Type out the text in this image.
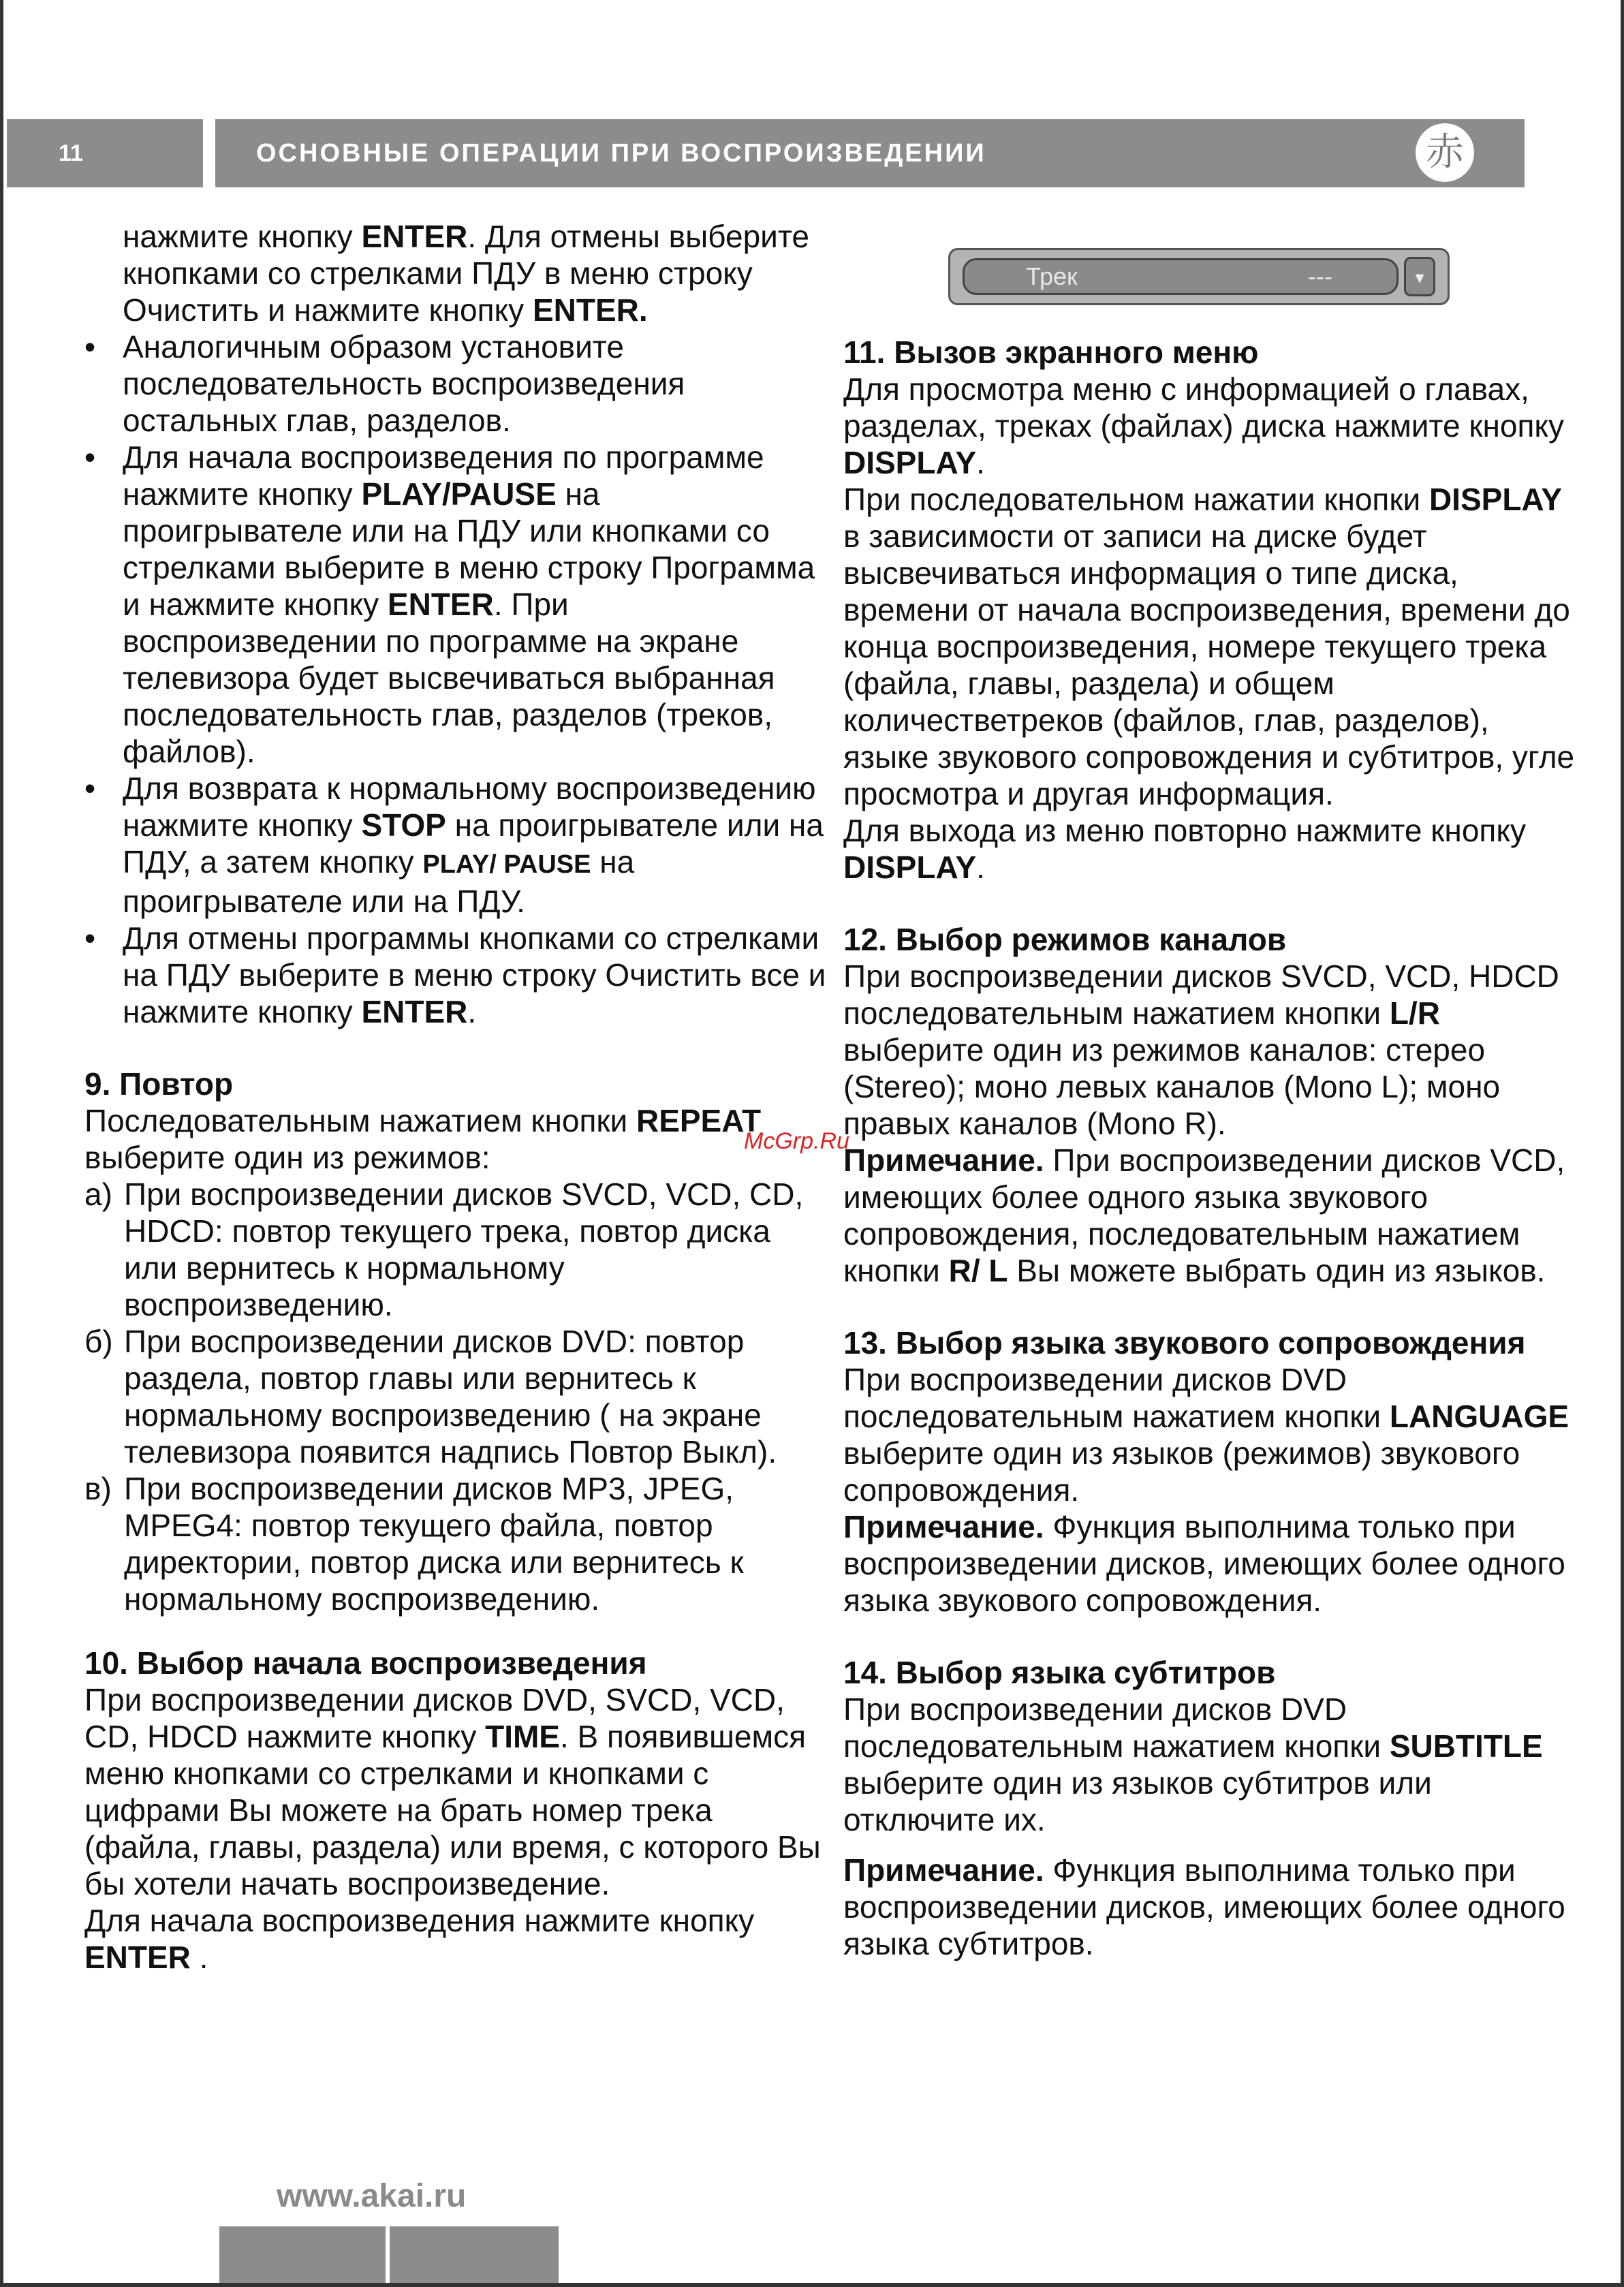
11	ОСНОВНЫЕ ОПЕРАЦИИ ПРИ ВОСПРОИЗВЕДЕНИИ	赤

нажмите кнопку ENTER. Для отмены выберите кнопками со стрелками ПДУ в меню строку Очистить и нажмите кнопку ENTER.

• Аналогичным образом установите последовательность воспроизведения остальных глав, разделов.

• Для начала воспроизведения по программе нажмите кнопку PLAY/PAUSE на проигрывателе или на ПДУ или кнопками со стрелками выберите в меню строку Программа и нажмите кнопку ENTER. При воспроизведении по программе на экране телевизора будет высвечиваться выбранная последовательность глав, разделов (треков, файлов).

• Для возврата к нормальному воспроизведению нажмите кнопку STOP на проигрывателе или на ПДУ, а затем кнопку PLAY/ PAUSE на проигрывателе или на ПДУ.

• Для отмены программы кнопками со стрелками на ПДУ выберите в меню строку Очистить все и нажмите кнопку ENTER.

9. Повтор

Последовательным нажатием кнопки REPEAT выберите один из режимов:

а) При воспроизведении дисков SVCD, VCD, CD, HDCD: повтор текущего трека, повтор диска или вернитесь к нормальному воспроизведению.

б) При воспроизведении дисков DVD: повтор раздела, повтор главы или вернитесь к нормальному воспроизведению ( на экране телевизора появится надпись Повтор Выкл).

в) При воспроизведении дисков MP3, JPEG, MPEG4: повтор текущего файла, повтор директории, повтор диска или вернитесь к нормальному воспроизведению.

10. Выбор начала воспроизведения

При воспроизведении дисков DVD, SVCD, VCD, CD, HDCD нажмите кнопку TIME. В появившемся меню кнопками со стрелками и кнопками с цифрами Вы можете на брать номер трека (файла, главы, раздела) или время, с которого Вы бы хотели начать воспроизведение.

Для начала воспроизведения нажмите кнопку ENTER .

Трек	---	▾

11. Вызов экранного меню

Для просмотра меню с информацией о главах, разделах, треках (файлах) диска нажмите кнопку DISPLAY.

При последовательном нажатии кнопки DISPLAY в зависимости от записи на диске будет высвечиваться информация о типе диска, времени от начала воспроизведения, времени до конца воспроизведения, номере текущего трека (файла, главы, раздела) и общем количестветреков (файлов, глав, разделов), языке звукового сопровождения и субтитров, угле просмотра и другая информация.

Для выхода из меню повторно нажмите кнопку DISPLAY.

12. Выбор режимов каналов

При воспроизведении дисков SVCD, VCD, HDCD последовательным нажатием кнопки L/R выберите один из режимов каналов: стерео (Stereo); моно левых каналов (Mono L); моно правых каналов (Mono R).

Примечание. При воспроизведении дисков VCD, имеющих более одного языка звукового сопровождения, последовательным нажатием кнопки R/ L Вы можете выбрать один из языков.

13. Выбор языка звукового сопровождения

При воспроизведении дисков DVD последовательным нажатием кнопки LANGUAGE выберите один из языков (режимов) звукового сопровождения.

Примечание. Функция выполнима только при воспроизведении дисков, имеющих более одного языка звукового сопровождения.

14. Выбор языка субтитров

При воспроизведении дисков DVD последовательным нажатием кнопки SUBTITLE выберите один из языков субтитров или отключите их.

Примечание. Функция выполнима только при воспроизведении дисков, имеющих более одного языка субтитров.

McGrp.Ru
www.akai.ru
